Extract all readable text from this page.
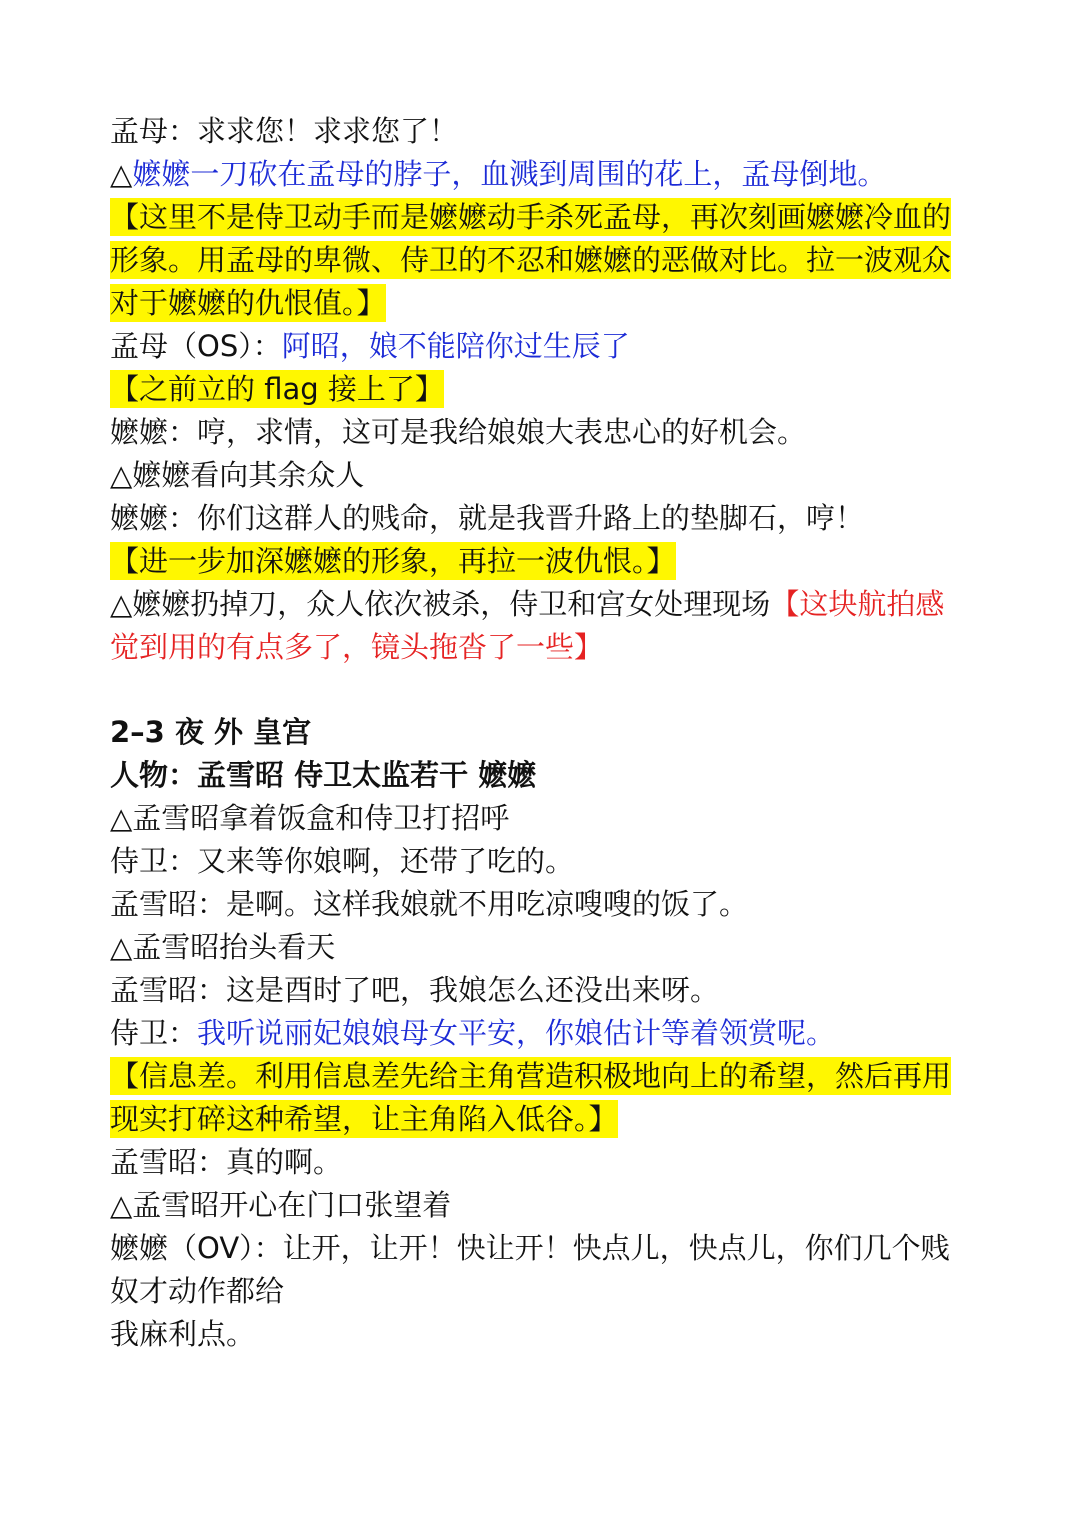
孟母：求求您！求求您了！
△嬷嬷一刀砍在孟母的脖子，血溅到周围的花上，孟母倒地。
【这里不是侍卫动手而是嬷嬷动手杀死孟母，再次刻画嬷嬷冷血的形象。用孟母的卑微、侍卫的不忍和嬷嬷的恶做对比。拉一波观众对于嬷嬷的仇恨值。】
孟母（OS）：阿昭，娘不能陪你过生辰了
【之前立的 flag 接上了】
嬷嬷：哼，求情，这可是我给娘娘大表忠心的好机会。
△嬷嬷看向其余众人
嬷嬷：你们这群人的贱命，就是我晋升路上的垫脚石，哼！
【进一步加深嬷嬷的形象，再拉一波仇恨。】
△嬷嬷扔掉刀，众人依次被杀，侍卫和宫女处理现场【这块航拍感觉到用的有点多了，镜头拖沓了一些】
2–3 夜 外 皇宫
人物：孟雪昭 侍卫太监若干 嬷嬷
△孟雪昭拿着饭盒和侍卫打招呼
侍卫：又来等你娘啊，还带了吃的。
孟雪昭：是啊。这样我娘就不用吃凉嗖嗖的饭了。
△孟雪昭抬头看天
孟雪昭：这是酉时了吧，我娘怎么还没出来呀。
侍卫：我听说丽妃娘娘母女平安，你娘估计等着领赏呢。
【信息差。利用信息差先给主角营造积极地向上的希望，然后再用现实打碎这种希望，让主角陷入低谷。】
孟雪昭：真的啊。
△孟雪昭开心在门口张望着
嬷嬷（OV）：让开，让开！快让开！快点儿，快点儿，你们几个贱奴才动作都给
我麻利点。
